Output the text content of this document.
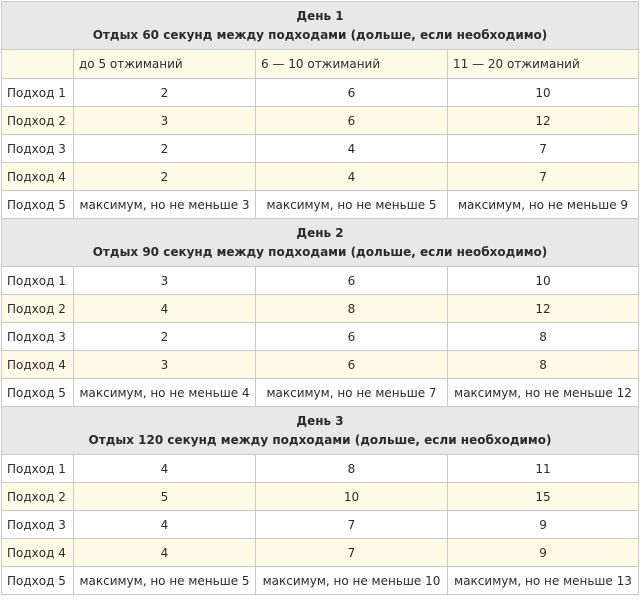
День 1
Отдых 60 секунд между подходами (дольше, если необходимо)			

	до 5 отжиманий	6 — 10 отжиманий	11 — 20 отжиманий
Подход 1	2	6	10
Подход 2	3	6	12
Подход 3	2	4	7
Подход 4	2	4	7
Подход 5	максимум, но не меньше 3	максимум, но не меньше 5	максимум, но не меньше 9

День 2
Отдых 90 секунд между подходами (дольше, если необходимо)			

Подход 1	3	6	10
Подход 2	4	8	12
Подход 3	2	6	8
Подход 4	3	6	8
Подход 5	максимум, но не меньше 4	максимум, но не меньше 7	максимум, но не меньше 12

День 3
Отдых 120 секунд между подходами (дольше, если необходимо)			

Подход 1	4	8	11
Подход 2	5	10	15
Подход 3	4	7	9
Подход 4	4	7	9
Подход 5	максимум, но не меньше 5	максимум, но не меньше 10	максимум, но не меньше 13
